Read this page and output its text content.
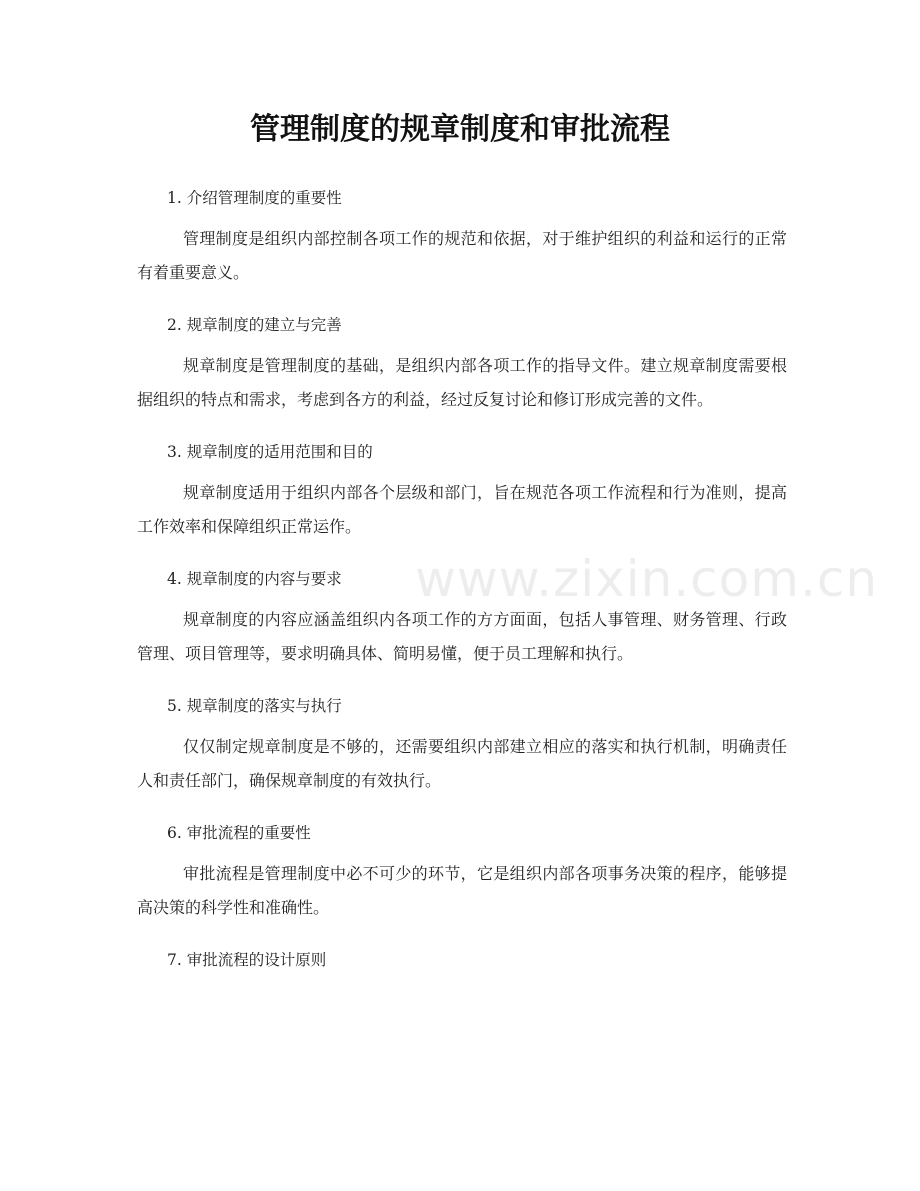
管理制度的规章制度和审批流程

1. 介绍管理制度的重要性

管理制度是组织内部控制各项工作的规范和依据，对于维护组织的利益和运行的正常有着重要意义。

2. 规章制度的建立与完善

规章制度是管理制度的基础，是组织内部各项工作的指导文件。建立规章制度需要根据组织的特点和需求，考虑到各方的利益，经过反复讨论和修订形成完善的文件。

3. 规章制度的适用范围和目的

规章制度适用于组织内部各个层级和部门，旨在规范各项工作流程和行为准则，提高工作效率和保障组织正常运作。

4. 规章制度的内容与要求

规章制度的内容应涵盖组织内各项工作的方方面面，包括人事管理、财务管理、行政管理、项目管理等，要求明确具体、简明易懂，便于员工理解和执行。

5. 规章制度的落实与执行

仅仅制定规章制度是不够的，还需要组织内部建立相应的落实和执行机制，明确责任人和责任部门，确保规章制度的有效执行。

6. 审批流程的重要性

审批流程是管理制度中必不可少的环节，它是组织内部各项事务决策的程序，能够提高决策的科学性和准确性。

7. 审批流程的设计原则

www.zixin.com.cn
